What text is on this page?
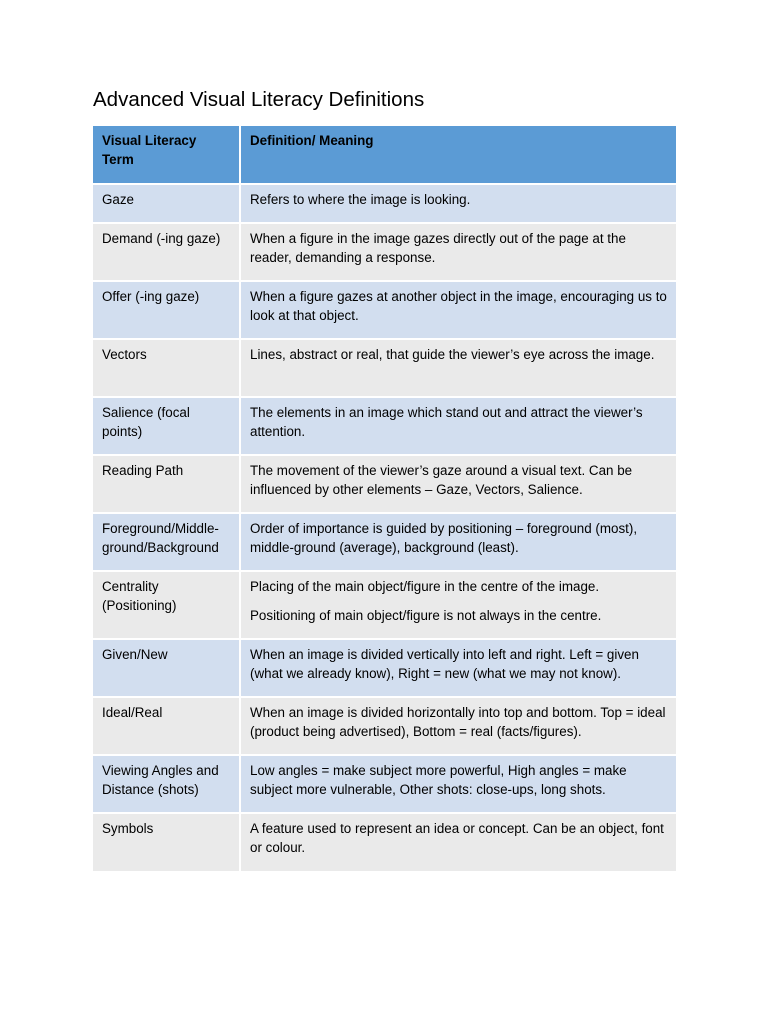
Advanced Visual Literacy Definitions
Visual Literacy Term	Definition/ Meaning
Gaze	Refers to where the image is looking.

Demand (-ing gaze)	When a figure in the image gazes directly out of the page at the reader, demanding a response.

Offer (-ing gaze)	When a figure gazes at another object in the image, encouraging us to look at that object.

Vectors	Lines, abstract or real, that guide the viewer’s eye across the image.

Salience (focal points)	The elements in an image which stand out and attract the viewer’s attention.

Reading Path	The movement of the viewer’s gaze around a visual text. Can be influenced by other elements – Gaze, Vectors, Salience.

Foreground/Middle-ground/Background	Order of importance is guided by positioning – foreground (most), middle-ground (average), background (least).

Centrality (Positioning)	Placing of the main object/figure in the centre of the image.
Positioning of main object/figure is not always in the centre.

Given/New	When an image is divided vertically into left and right. Left = given (what we already know), Right = new (what we may not know).

Ideal/Real	When an image is divided horizontally into top and bottom. Top = ideal (product being advertised), Bottom = real (facts/figures).

Viewing Angles and Distance (shots)	Low angles = make subject more powerful, High angles = make subject more vulnerable, Other shots: close-ups, long shots.

Symbols	A feature used to represent an idea or concept. Can be an object, font or colour.
